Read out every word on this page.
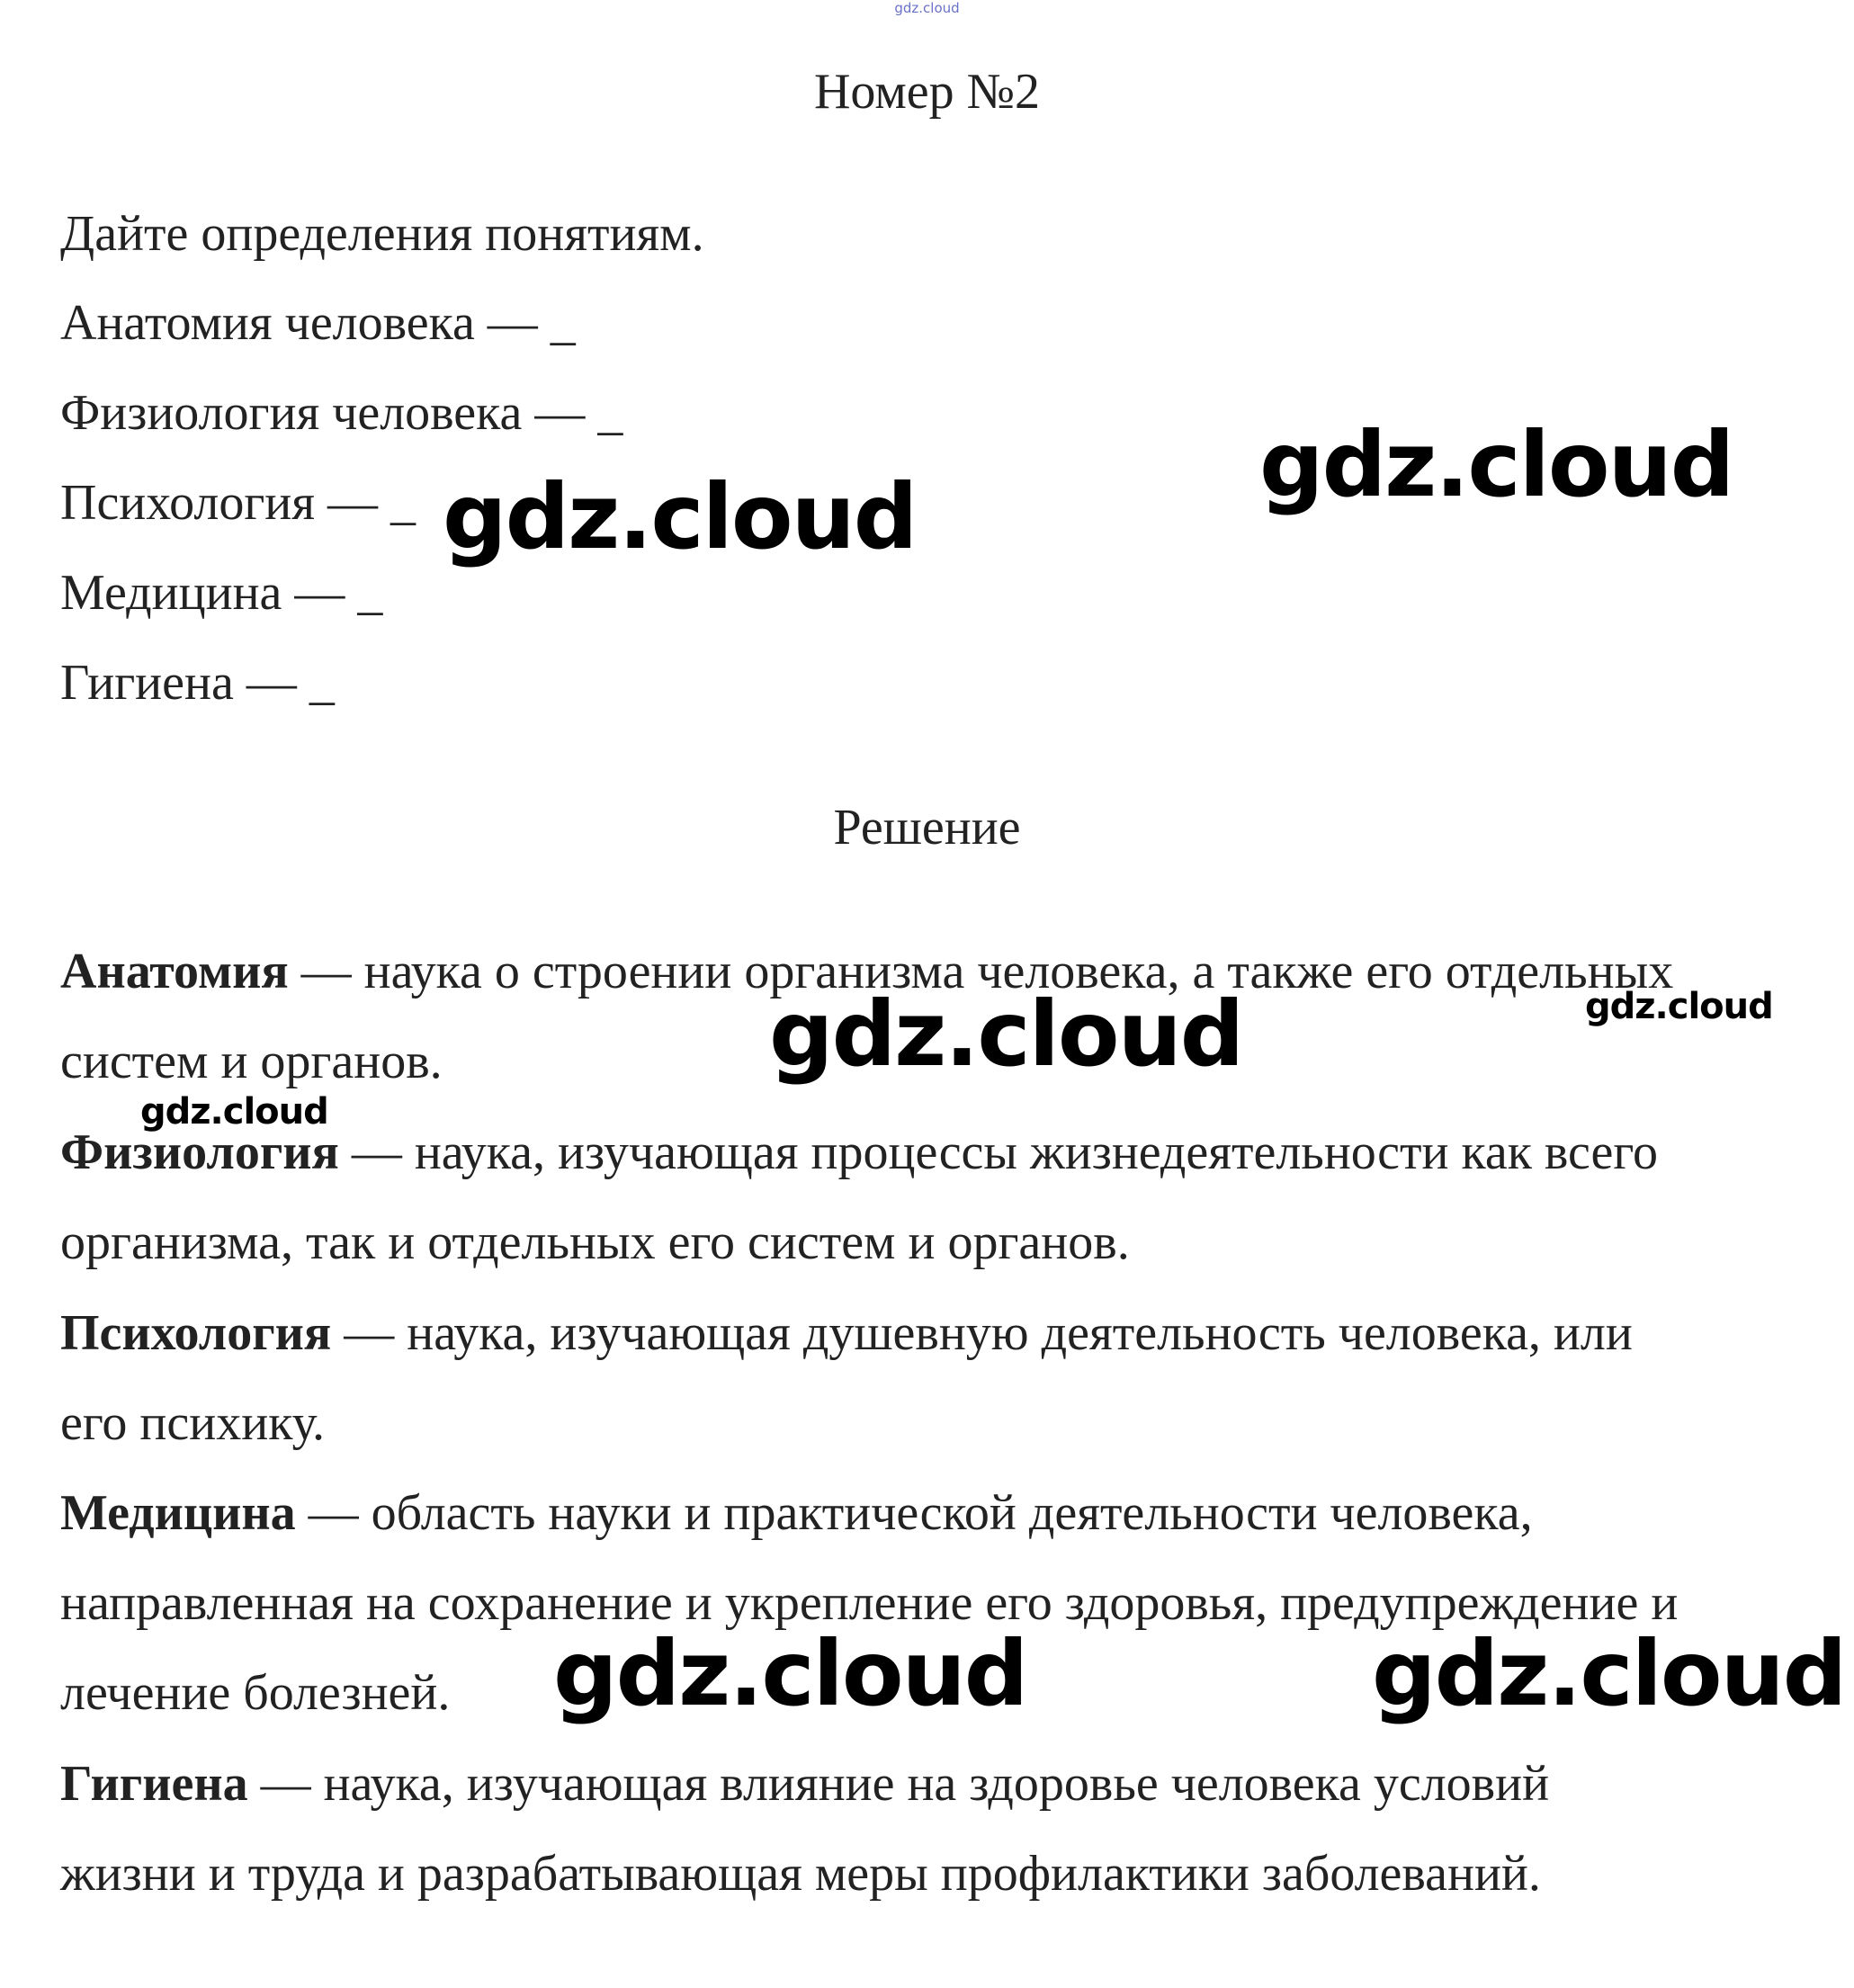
gdz.cloud
Номер №2
Дайте определения понятиям.
Анатомия человека — _
Физиология человека — _
Психология — _
Медицина — _
Гигиена — _
Решение
Анатомия — наука о строении организма человека, а также его отдельных
систем и органов.
Физиология — наука, изучающая процессы жизнедеятельности как всего
организма, так и отдельных его систем и органов.
Психология — наука, изучающая душевную деятельность человека, или
его психику.
Медицина — область науки и практической деятельности человека,
направленная на сохранение и укрепление его здоровья, предупреждение и
лечение болезней.
Гигиена — наука, изучающая влияние на здоровье человека условий
жизни и труда и разрабатывающая меры профилактики заболеваний.
gdz.cloud
gdz.cloud
gdz.cloud	gdz.cloud
gdz.cloud
gdz.cloud	gdz.cloud
